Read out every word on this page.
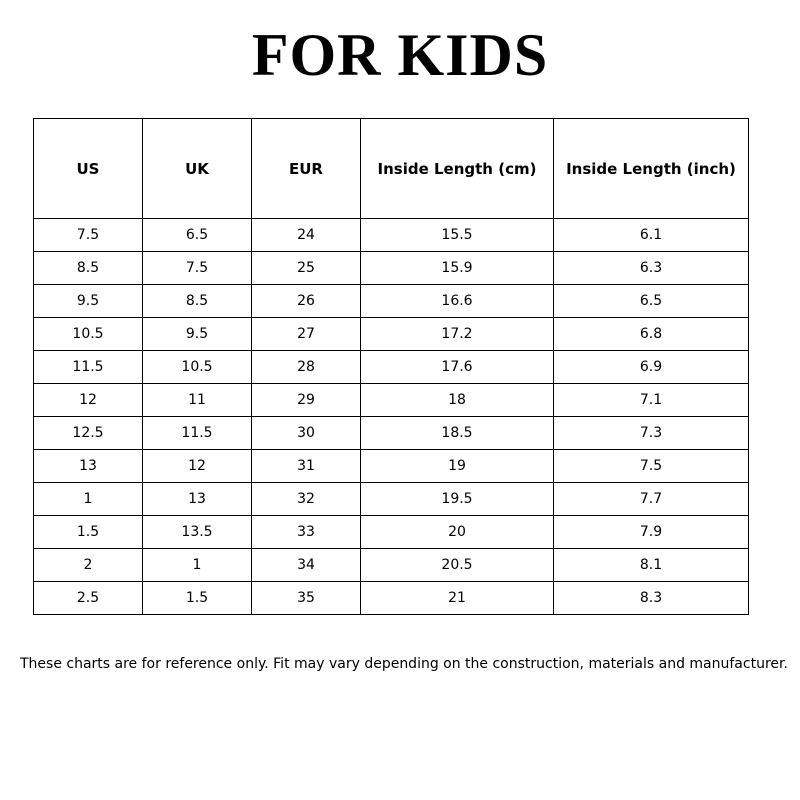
FOR KIDS
US	UK	EUR	Inside Length (cm)	Inside Length (inch)
7.5	6.5	24	15.5	6.1
8.5	7.5	25	15.9	6.3
9.5	8.5	26	16.6	6.5
10.5	9.5	27	17.2	6.8
11.5	10.5	28	17.6	6.9
12	11	29	18	7.1
12.5	11.5	30	18.5	7.3
13	12	31	19	7.5
1	13	32	19.5	7.7
1.5	13.5	33	20	7.9
2	1	34	20.5	8.1
2.5	1.5	35	21	8.3
These charts are for reference only. Fit may vary depending on the construction, materials and manufacturer.
